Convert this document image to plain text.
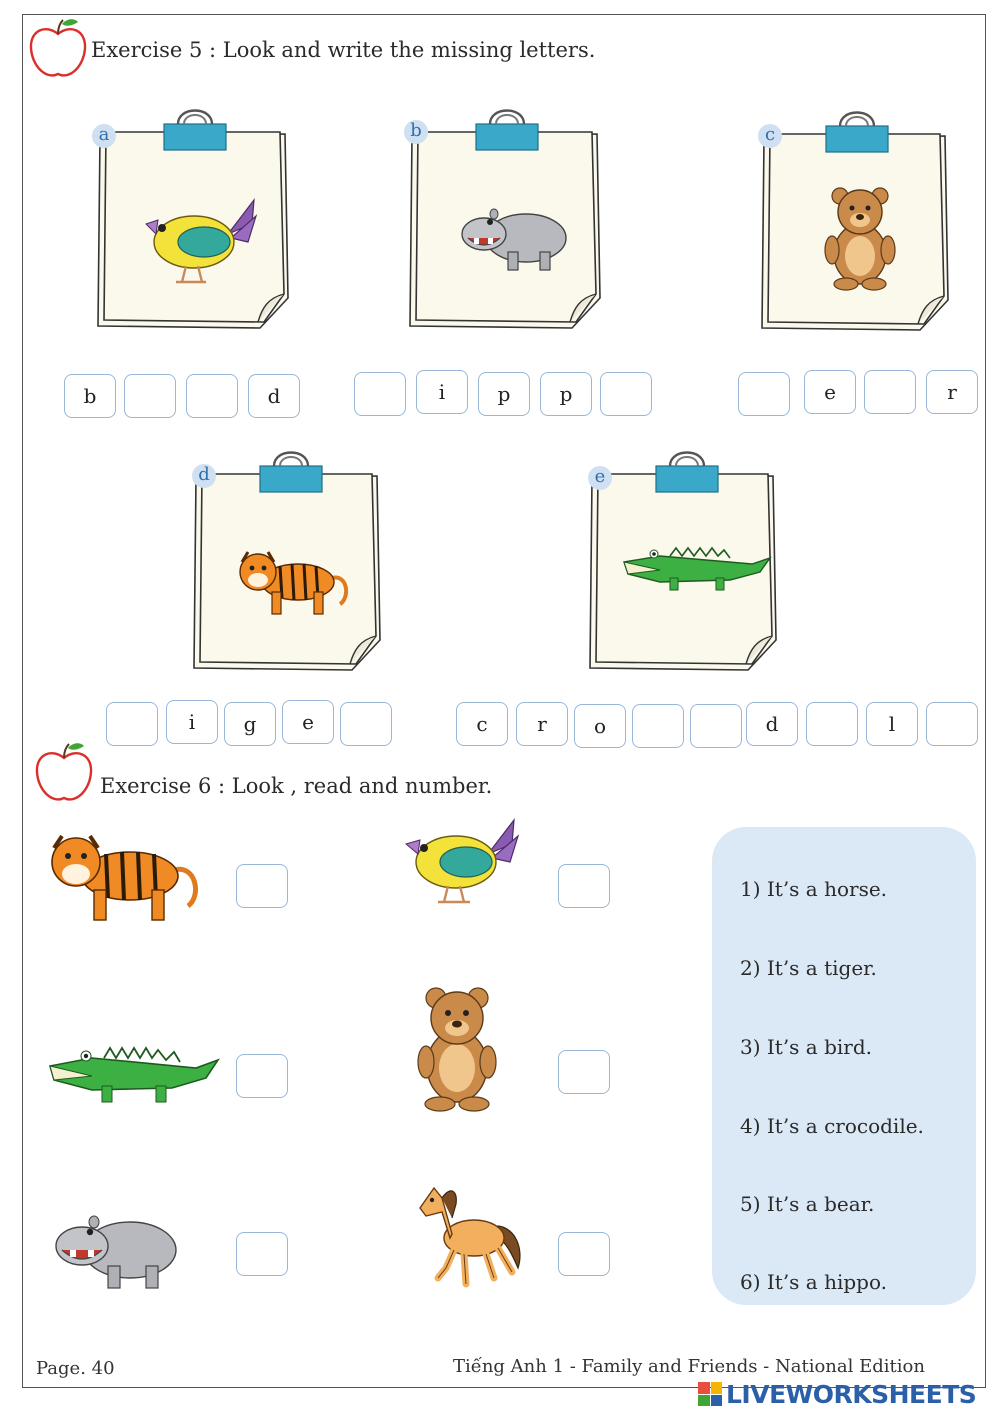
Exercise 5 : Look and write the missing letters.
a	b	c
d	e
b	d	i	p	p	e	r
i	g	e	c	r	o	d	l
Exercise 6 : Look , read and number.
1) It’s a horse.
2) It’s a tiger.
3) It’s a bird.
4) It’s a crocodile.
5) It’s a bear.
6) It’s a hippo.
Page. 40	Tiếng Anh 1 - Family and Friends - National Edition
LIVEWORKSHEETS
